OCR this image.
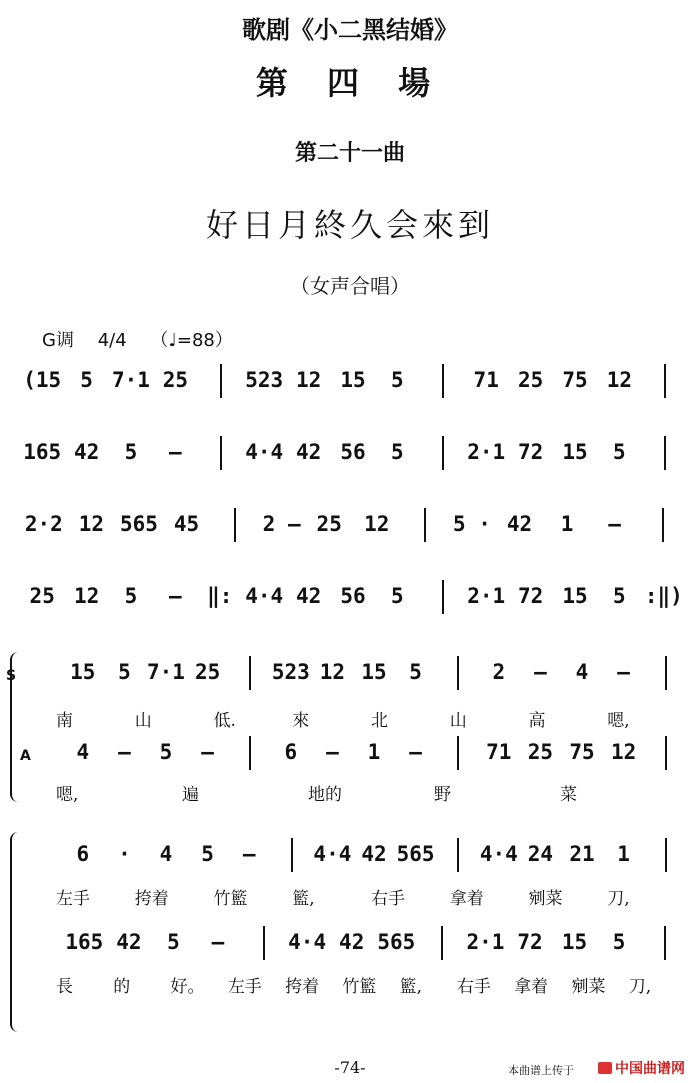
歌剧《小二黑结婚》
第 四 場
第二十一曲
好日月終久会來到
（女声合唱）
G调 4/4 （♩=88）
(15 5 7·1 25	523 12 15	5	71 25 75 12
165 42	5	—	4·4 42 56	5	2·1 72 15	5
2·2 12 565 45	2 — 25	12	5 · 42	1	—
25 12	5	—	‖: 4·4 42 56	5	2·1 72 15	5 :‖)
15	5 7·1 25	523 12 15	5	2	—	4	—
S
南	山	低.	來	北	山	高	嗯,
4	—	5	—	6	—	1	—	71 25 75 12
A
嗯,	遍	地的	野	菜
6	·	4	5	—	4·4 42 565 4·4 24 21	1
左手	挎着	竹籃	籃,	右手	拿着	剜菜	刀,
165 42	5	—	4·4 42 565 2·1 72 15	5
長 的 好。 左手 挎着 竹籃 籃, 右手 拿着 剜菜 刀,
-74-	本曲谱上传于	中国曲谱网
